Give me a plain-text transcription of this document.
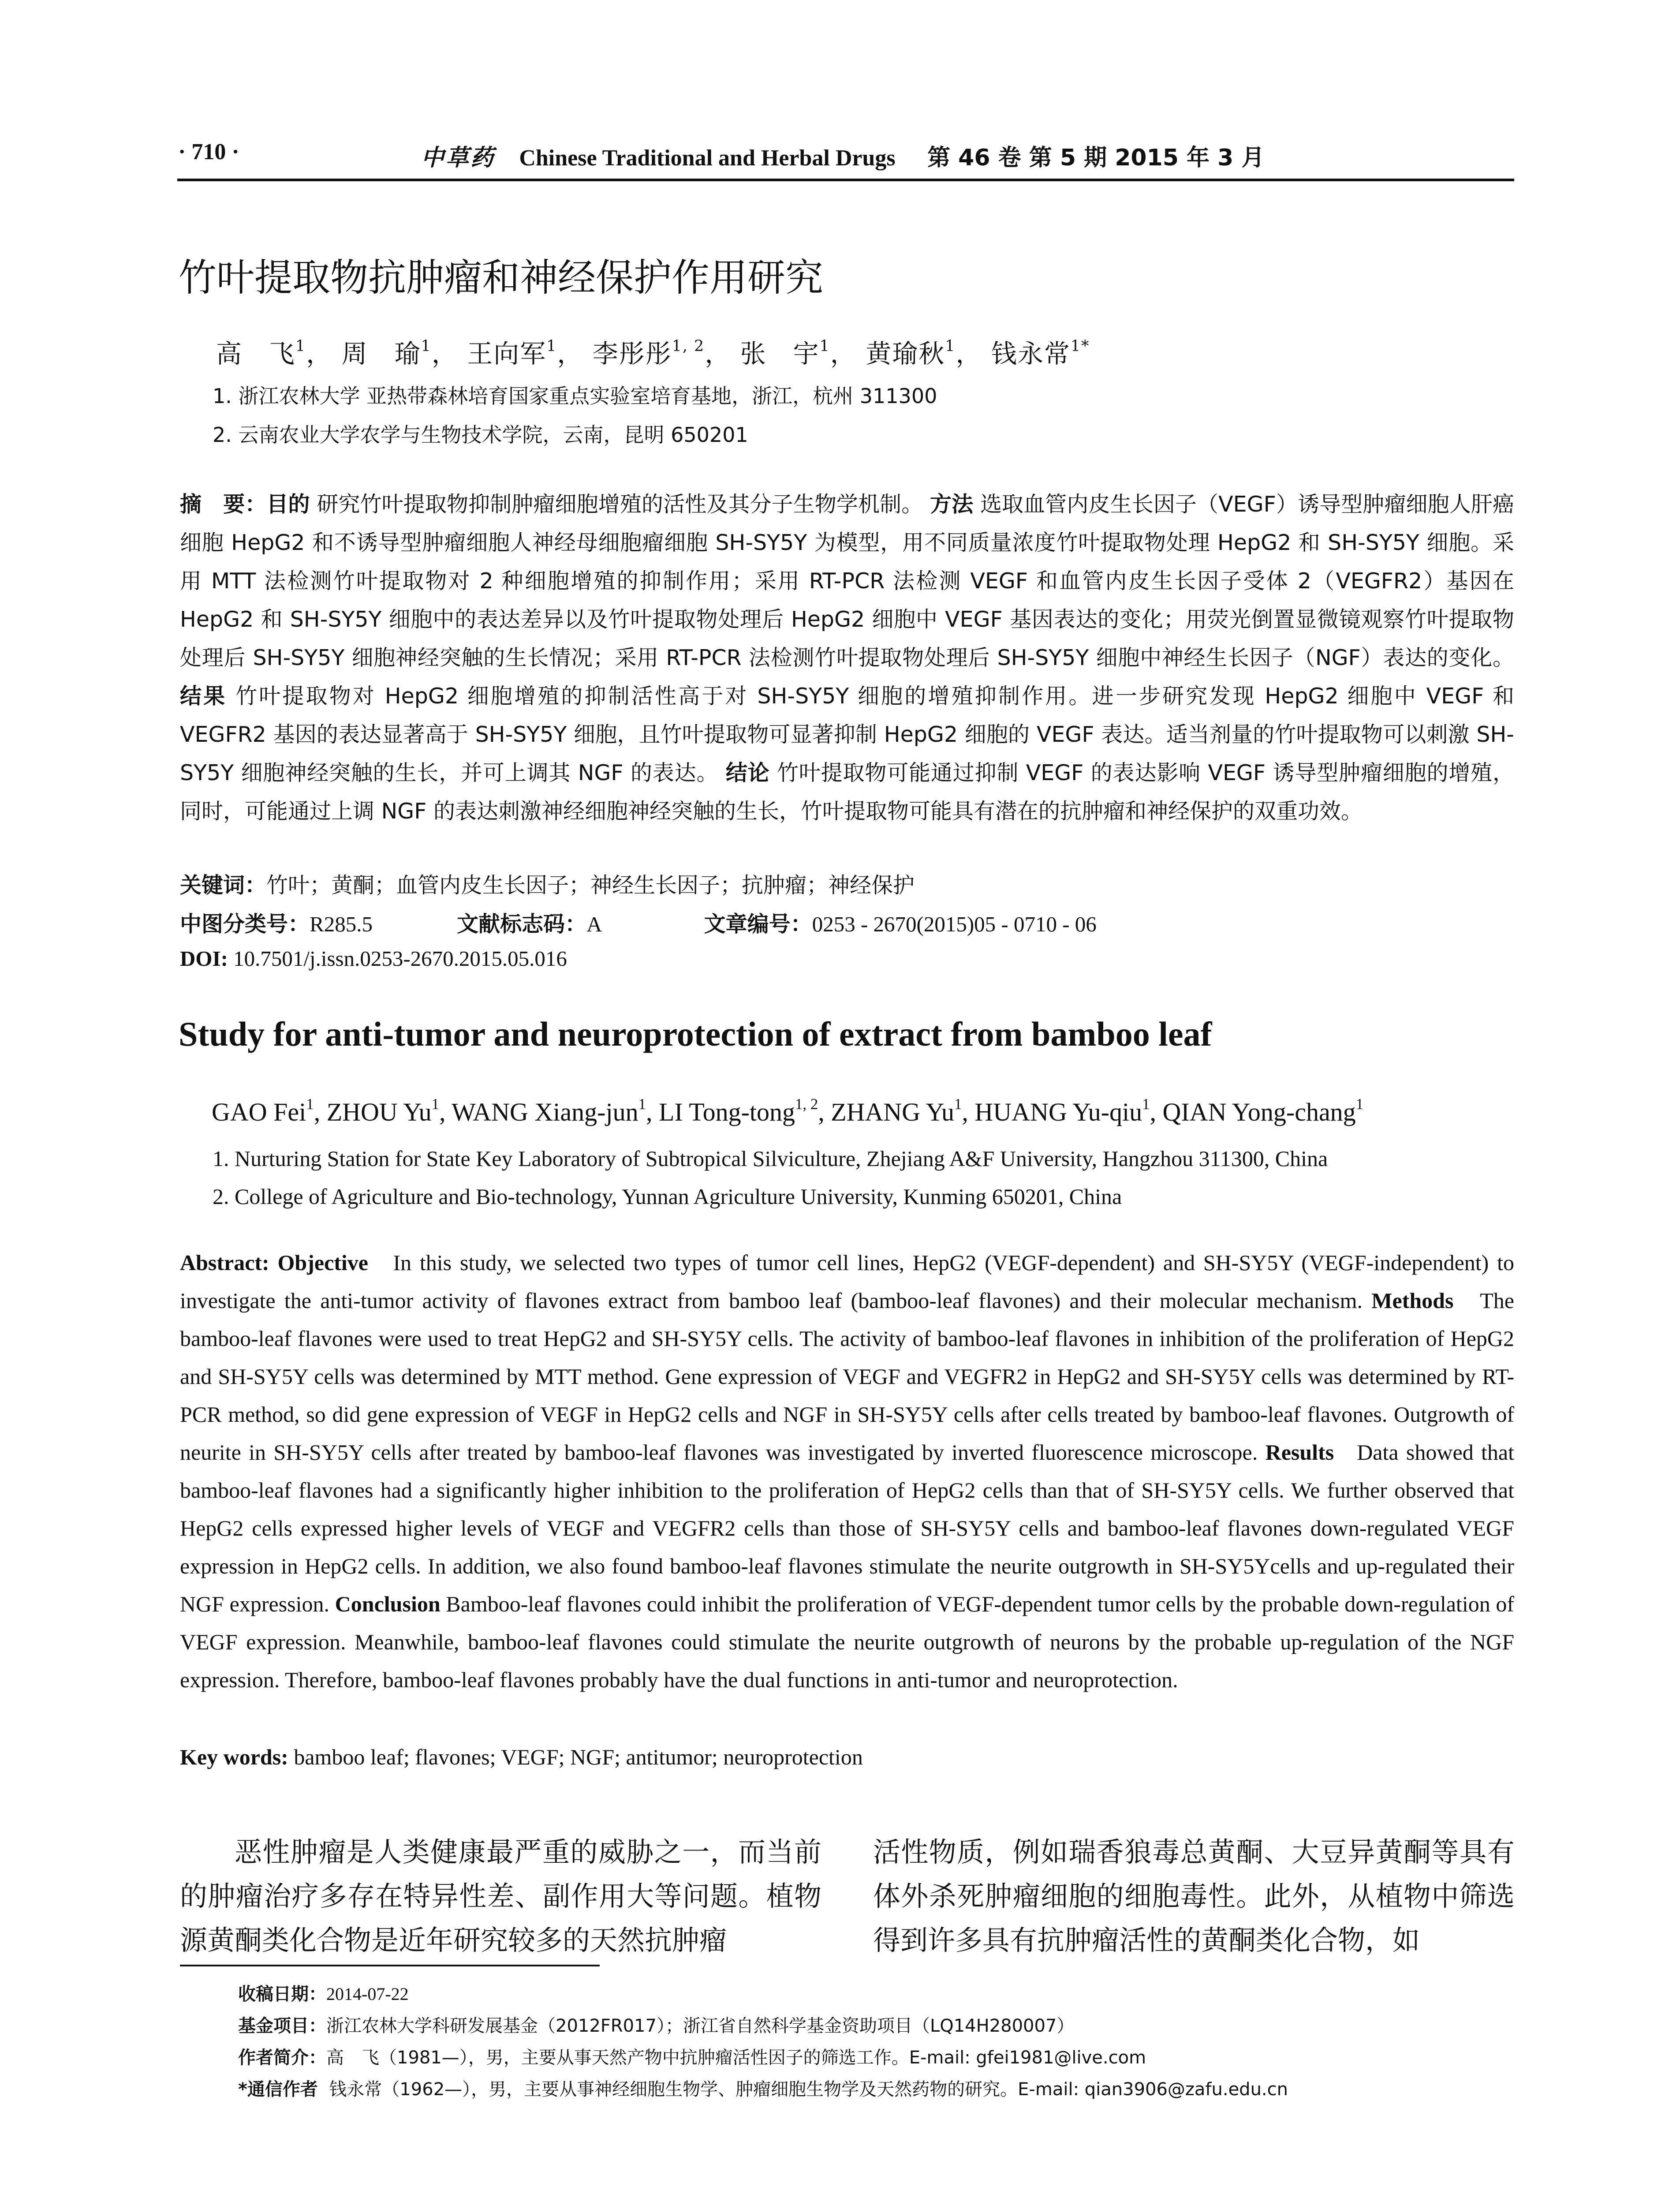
· 710 ·	中草药 Chinese Traditional and Herbal Drugs 第 46 卷 第 5 期 2015 年 3 月
竹叶提取物抗肿瘤和神经保护作用研究
高　飞$^1$， 周　瑜$^1$， 王向军$^1$， 李彤彤$^{1, 2}$， 张　宇$^1$， 黄瑜秋$^1$， 钱永常$^{1*}$
1. 浙江农林大学 亚热带森林培育国家重点实验室培育基地，浙江，杭州 311300
2. 云南农业大学农学与生物技术学院，云南，昆明 650201
摘　要：目的 研究竹叶提取物抑制肿瘤细胞增殖的活性及其分子生物学机制。 方法 选取血管内皮生长因子（VEGF）诱导型肿瘤细胞人肝癌细胞 HepG2 和不诱导型肿瘤细胞人神经母细胞瘤细胞 SH-SY5Y 为模型，用不同质量浓度竹叶提取物处理 HepG2 和 SH-SY5Y 细胞。采用 MTT 法检测竹叶提取物对 2 种细胞增殖的抑制作用；采用 RT-PCR 法检测 VEGF 和血管内皮生长因子受体 2（VEGFR2）基因在 HepG2 和 SH-SY5Y 细胞中的表达差异以及竹叶提取物处理后 HepG2 细胞中 VEGF 基因表达的变化；用荧光倒置显微镜观察竹叶提取物处理后 SH-SY5Y 细胞神经突触的生长情况；采用 RT-PCR 法检测竹叶提取物处理后 SH-SY5Y 细胞中神经生长因子（NGF）表达的变化。 结果 竹叶提取物对 HepG2 细胞增殖的抑制活性高于对 SH-SY5Y 细胞的增殖抑制作用。进一步研究发现 HepG2 细胞中 VEGF 和 VEGFR2 基因的表达显著高于 SH-SY5Y 细胞，且竹叶提取物可显著抑制 HepG2 细胞的 VEGF 表达。适当剂量的竹叶提取物可以刺激 SH-SY5Y 细胞神经突触的生长，并可上调其 NGF 的表达。 结论 竹叶提取物可能通过抑制 VEGF 的表达影响 VEGF 诱导型肿瘤细胞的增殖，同时，可能通过上调 NGF 的表达刺激神经细胞神经突触的生长，竹叶提取物可能具有潜在的抗肿瘤和神经保护的双重功效。
关键词：竹叶；黄酮；血管内皮生长因子；神经生长因子；抗肿瘤；神经保护
中图分类号：R285.5	文献标志码：A	文章编号：0253 - 2670(2015)05 - 0710 - 06
DOI: 10.7501/j.issn.0253-2670.2015.05.016
Study for anti-tumor and neuroprotection of extract from bamboo leaf
GAO Fei$^1$, ZHOU Yu$^1$, WANG Xiang-jun$^1$, LI Tong-tong$^{1, 2}$, ZHANG Yu$^1$, HUANG Yu-qiu$^1$, QIAN Yong-chang$^1$
1. Nurturing Station for State Key Laboratory of Subtropical Silviculture, Zhejiang A&F University, Hangzhou 311300, China
2. College of Agriculture and Bio-technology, Yunnan Agriculture University, Kunming 650201, China
Abstract: Objective In this study, we selected two types of tumor cell lines, HepG2 (VEGF-dependent) and SH-SY5Y (VEGF-independent) to investigate the anti-tumor activity of flavones extract from bamboo leaf (bamboo-leaf flavones) and their molecular mechanism. Methods The bamboo-leaf flavones were used to treat HepG2 and SH-SY5Y cells. The activity of bamboo-leaf flavones in inhibition of the proliferation of HepG2 and SH-SY5Y cells was determined by MTT method. Gene expression of VEGF and VEGFR2 in HepG2 and SH-SY5Y cells was determined by RT-PCR method, so did gene expression of VEGF in HepG2 cells and NGF in SH-SY5Y cells after cells treated by bamboo-leaf flavones. Outgrowth of neurite in SH-SY5Y cells after treated by bamboo-leaf flavones was investigated by inverted fluorescence microscope. Results Data showed that bamboo-leaf flavones had a significantly higher inhibition to the proliferation of HepG2 cells than that of SH-SY5Y cells. We further observed that HepG2 cells expressed higher levels of VEGF and VEGFR2 cells than those of SH-SY5Y cells and bamboo-leaf flavones down-regulated VEGF expression in HepG2 cells. In addition, we also found bamboo-leaf flavones stimulate the neurite outgrowth in SH-SY5Ycells and up-regulated their NGF expression. Conclusion Bamboo-leaf flavones could inhibit the proliferation of VEGF-dependent tumor cells by the probable down-regulation of VEGF expression. Meanwhile, bamboo-leaf flavones could stimulate the neurite outgrowth of neurons by the probable up-regulation of the NGF expression. Therefore, bamboo-leaf flavones probably have the dual functions in anti-tumor and neuroprotection.
Key words: bamboo leaf; flavones; VEGF; NGF; antitumor; neuroprotection
恶性肿瘤是人类健康最严重的威胁之一，而当前的肿瘤治疗多存在特异性差、副作用大等问题。植物源黄酮类化合物是近年研究较多的天然抗肿瘤
活性物质，例如瑞香狼毒总黄酮、大豆异黄酮等具有体外杀死肿瘤细胞的细胞毒性。此外，从植物中筛选得到许多具有抗肿瘤活性的黄酮类化合物，如
收稿日期：2014-07-22
基金项目：浙江农林大学科研发展基金（2012FR017）；浙江省自然科学基金资助项目（LQ14H280007）
作者简介：高　飞（1981—），男，主要从事天然产物中抗肿瘤活性因子的筛选工作。E-mail: gfei1981@live.com
*通信作者 钱永常（1962—），男，主要从事神经细胞生物学、肿瘤细胞生物学及天然药物的研究。E-mail: qian3906@zafu.edu.cn
